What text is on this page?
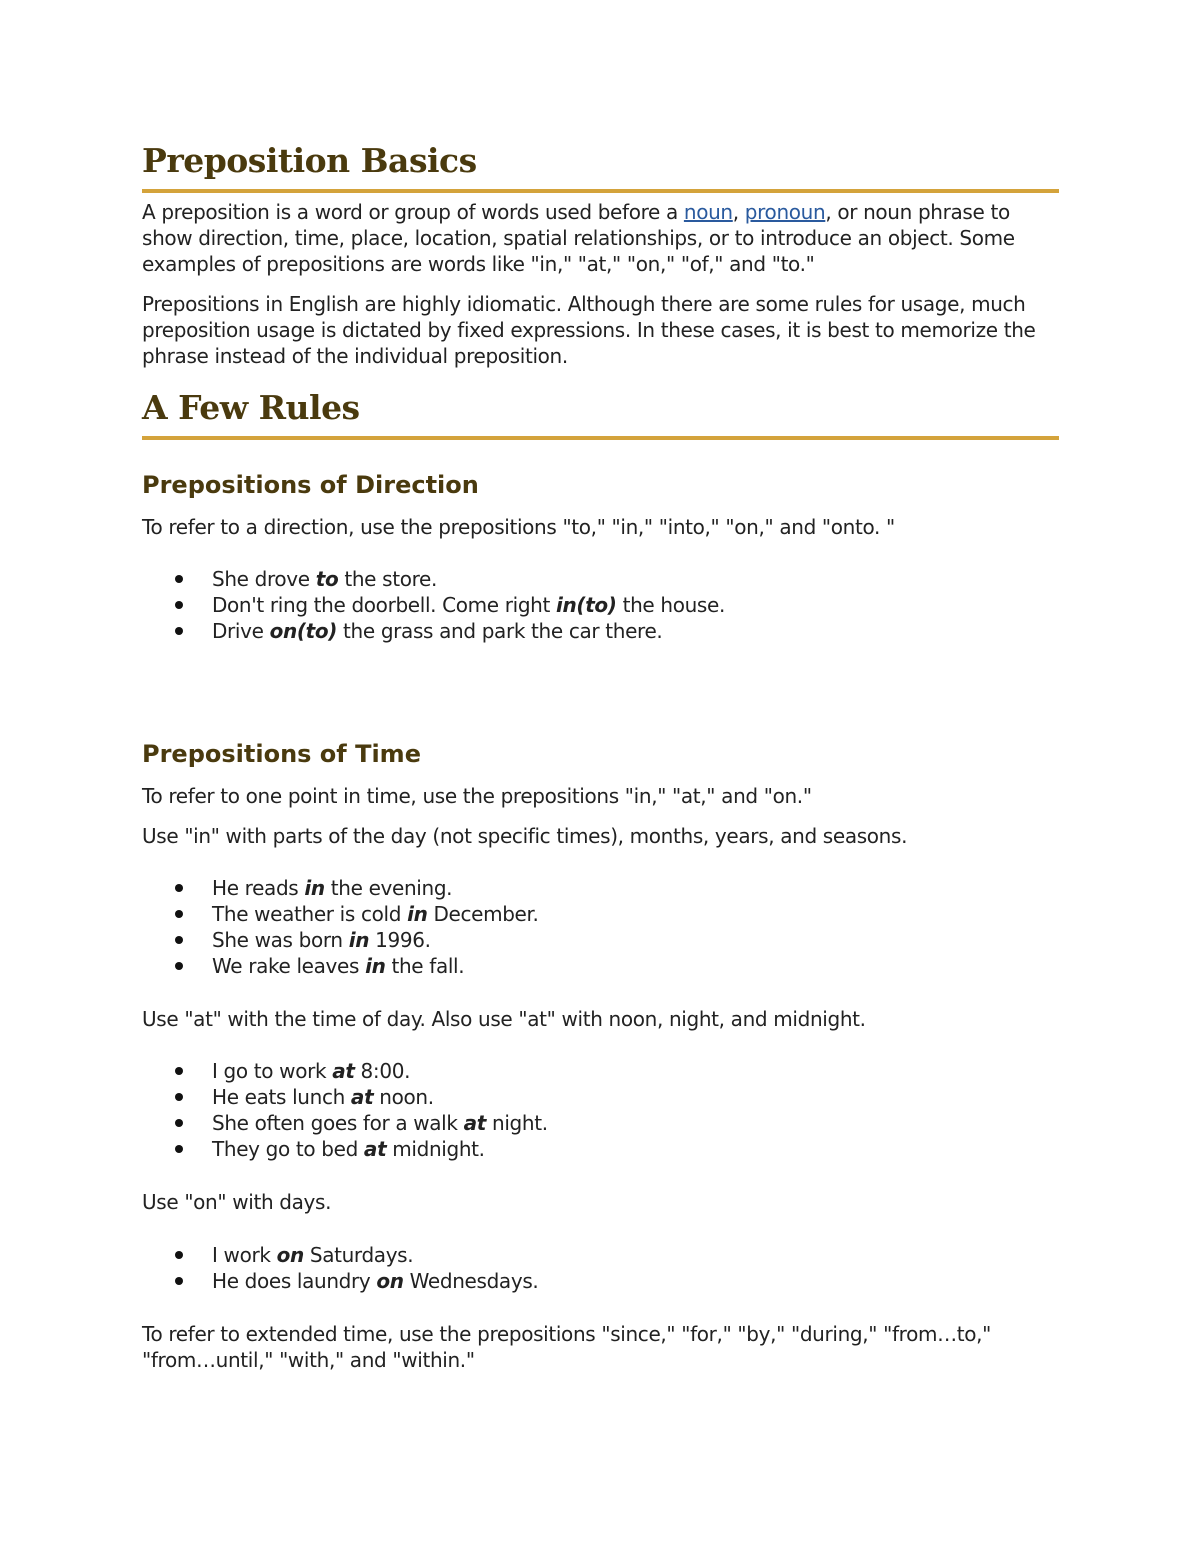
Preposition Basics

A preposition is a word or group of words used before a noun, pronoun, or noun phrase to show direction, time, place, location, spatial relationships, or to introduce an object. Some examples of prepositions are words like "in," "at," "on," "of," and "to."

Prepositions in English are highly idiomatic. Although there are some rules for usage, much preposition usage is dictated by fixed expressions. In these cases, it is best to memorize the phrase instead of the individual preposition.

A Few Rules
Prepositions of Direction

To refer to a direction, use the prepositions "to," "in," "into," "on," and "onto. "

She drove to the store.
Don't ring the doorbell. Come right in(to) the house.
Drive on(to) the grass and park the car there.
Prepositions of Time

To refer to one point in time, use the prepositions "in," "at," and "on."

Use "in" with parts of the day (not specific times), months, years, and seasons.

He reads in the evening.
The weather is cold in December.
She was born in 1996.
We rake leaves in the fall.

Use "at" with the time of day. Also use "at" with noon, night, and midnight.

I go to work at 8:00.
He eats lunch at noon.
She often goes for a walk at night.
They go to bed at midnight.

Use "on" with days.

I work on Saturdays.
He does laundry on Wednesdays.

To refer to extended time, use the prepositions "since," "for," "by," "during," "from…to," "from…until," "with," and "within."
